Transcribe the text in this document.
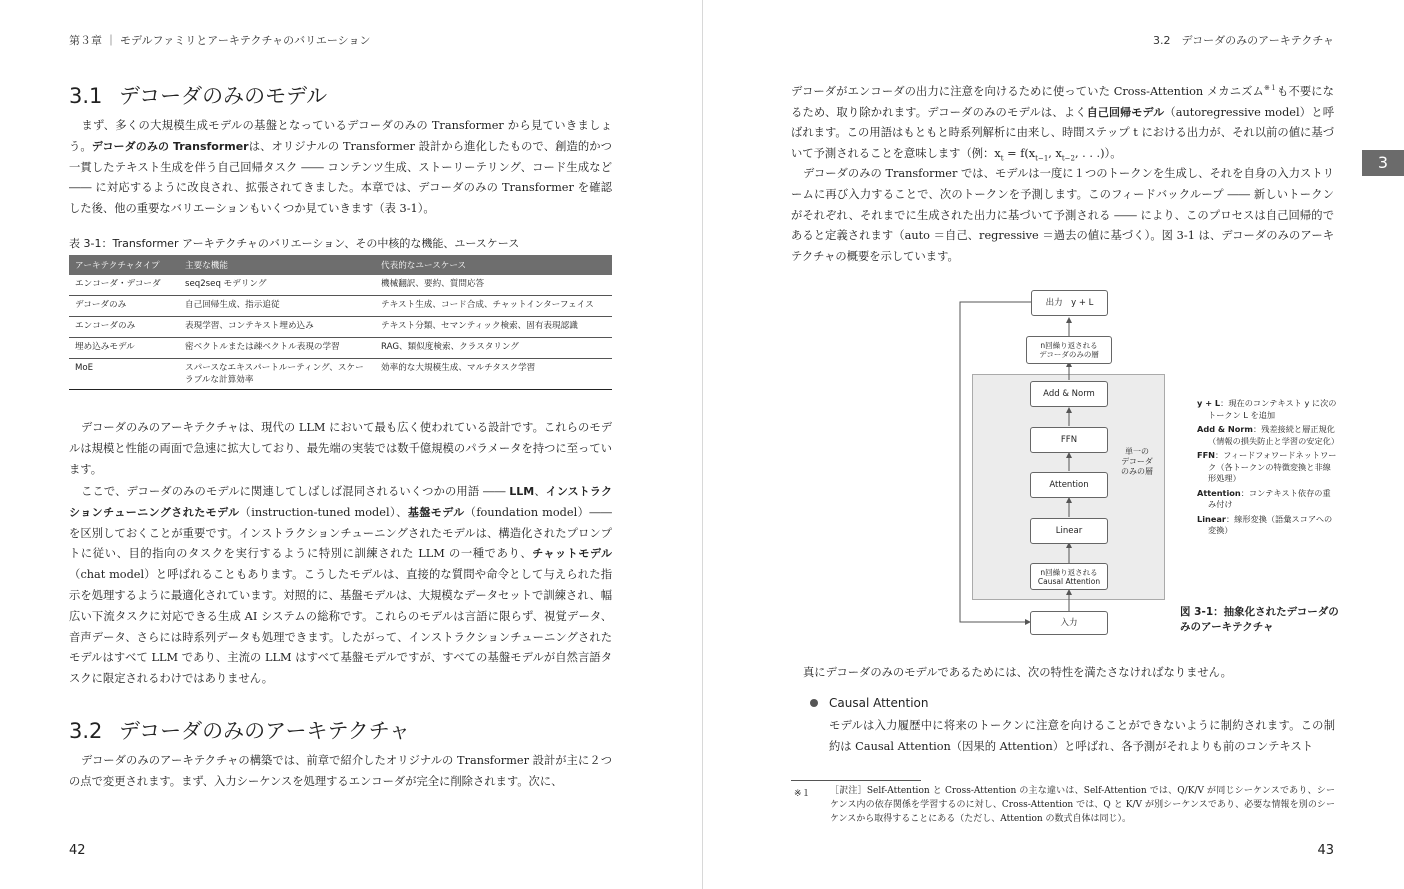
第３章 ｜ モデルファミリとアーキテクチャのバリエーション
3.1 デコーダのみのモデル

まず、多くの大規模生成モデルの基盤となっているデコーダのみの Transformer から見ていきましょう。デコーダのみの Transformerは、オリジナルの Transformer 設計から進化したもので、創造的かつ一貫したテキスト生成を伴う自己回帰タスク ―― コンテンツ生成、ストーリーテリング、コード生成など ―― に対応するように改良され、拡張されてきました。本章では、デコーダのみの Transformer を確認した後、他の重要なバリエーションもいくつか見ていきます（表 3-1）。

表 3-1：Transformer アーキテクチャのバリエーション、その中核的な機能、ユースケース
アーキテクチャタイプ	主要な機能	代表的なユースケース
エンコーダ・デコーダ	seq2seq モデリング	機械翻訳、要約、質問応答
デコーダのみ	自己回帰生成、指示追従	テキスト生成、コード合成、チャットインターフェイス
エンコーダのみ	表現学習、コンテキスト埋め込み	テキスト分類、セマンティック検索、固有表現認識
埋め込みモデル	密ベクトルまたは疎ベクトル表現の学習	RAG、類似度検索、クラスタリング
MoE	スパースなエキスパートルーティング、スケーラブルな計算効率	効率的な大規模生成、マルチタスク学習

デコーダのみのアーキテクチャは、現代の LLM において最も広く使われている設計です。これらのモデルは規模と性能の両面で急速に拡大しており、最先端の実装では数千億規模のパラメータを持つに至っています。

ここで、デコーダのみのモデルに関連してしばしば混同されるいくつかの用語 ―― LLM、インストラクションチューニングされたモデル（instruction-tuned model）、基盤モデル（foundation model）―― を区別しておくことが重要です。インストラクションチューニングされたモデルは、構造化されたプロンプトに従い、目的指向のタスクを実行するように特別に訓練された LLM の一種であり、チャットモデル（chat model）と呼ばれることもあります。こうしたモデルは、直接的な質問や命令として与えられた指示を処理するように最適化されています。対照的に、基盤モデルは、大規模なデータセットで訓練され、幅広い下流タスクに対応できる生成 AI システムの総称です。これらのモデルは言語に限らず、視覚データ、音声データ、さらには時系列データも処理できます。したがって、インストラクションチューニングされたモデルはすべて LLM であり、主流の LLM はすべて基盤モデルですが、すべての基盤モデルが自然言語タスクに限定されるわけではありません。

3.2 デコーダのみのアーキテクチャ

デコーダのみのアーキテクチャの構築では、前章で紹介したオリジナルの Transformer 設計が主に２つの点で変更されます。まず、入力シーケンスを処理するエンコーダが完全に削除されます。次に、

42
3.2　デコーダのみのアーキテクチャ
3

デコーダがエンコーダの出力に注意を向けるために使っていた Cross-Attention メカニズム$^{※1}$も不要になるため、取り除かれます。デコーダのみのモデルは、よく自己回帰モデル（autoregressive model）と呼ばれます。この用語はもともと時系列解析に由来し、時間ステップ t における出力が、それ以前の値に基づいて予測されることを意味します（例：$x_t = f(x_{t-1}$, $x_{t-2}$, . . .)）。

デコーダのみの Transformer では、モデルは一度に１つのトークンを生成し、それを自身の入力ストリームに再び入力することで、次のトークンを予測します。このフィードバックループ ―― 新しいトークンがそれぞれ、それまでに生成された出力に基づいて予測される ―― により、このプロセスは自己回帰的であると定義されます（auto ＝自己、regressive ＝過去の値に基づく）。図 3-1 は、デコーダのみのアーキテクチャの概要を示しています。

出力　y + L
n回繰り返される
デコーダのみの層
Add & Norm
FFN
Attention
Linear
n回繰り返される
Causal Attention
入力
単一の
デコーダ
のみの層
y + L：現在のコンテキスト y に次のトークン L を追加
Add & Norm：残差接続と層正規化（情報の損失防止と学習の安定化）
FFN：フィードフォワードネットワーク（各トークンの特徴変換と非線形処理）
Attention：コンテキスト依存の重み付け
Linear：線形変換（語彙スコアへの変換）
図 3-1：抽象化されたデコーダのみのアーキテクチャ

真にデコーダのみのモデルであるためには、次の特性を満たさなければなりません。

Causal Attention

モデルは入力履歴中に将来のトークンに注意を向けることができないように制約されます。この制約は Causal Attention（因果的 Attention）と呼ばれ、各予測がそれよりも前のコンテキスト

※１ ［訳注］Self-Attention と Cross-Attention の主な違いは、Self-Attention では、Q/K/V が同じシーケンスであり、シーケンス内の依存関係を学習するのに対し、Cross-Attention では、Q と K/V が別シーケンスであり、必要な情報を別のシーケンスから取得することにある（ただし、Attention の数式自体は同じ）。

43
